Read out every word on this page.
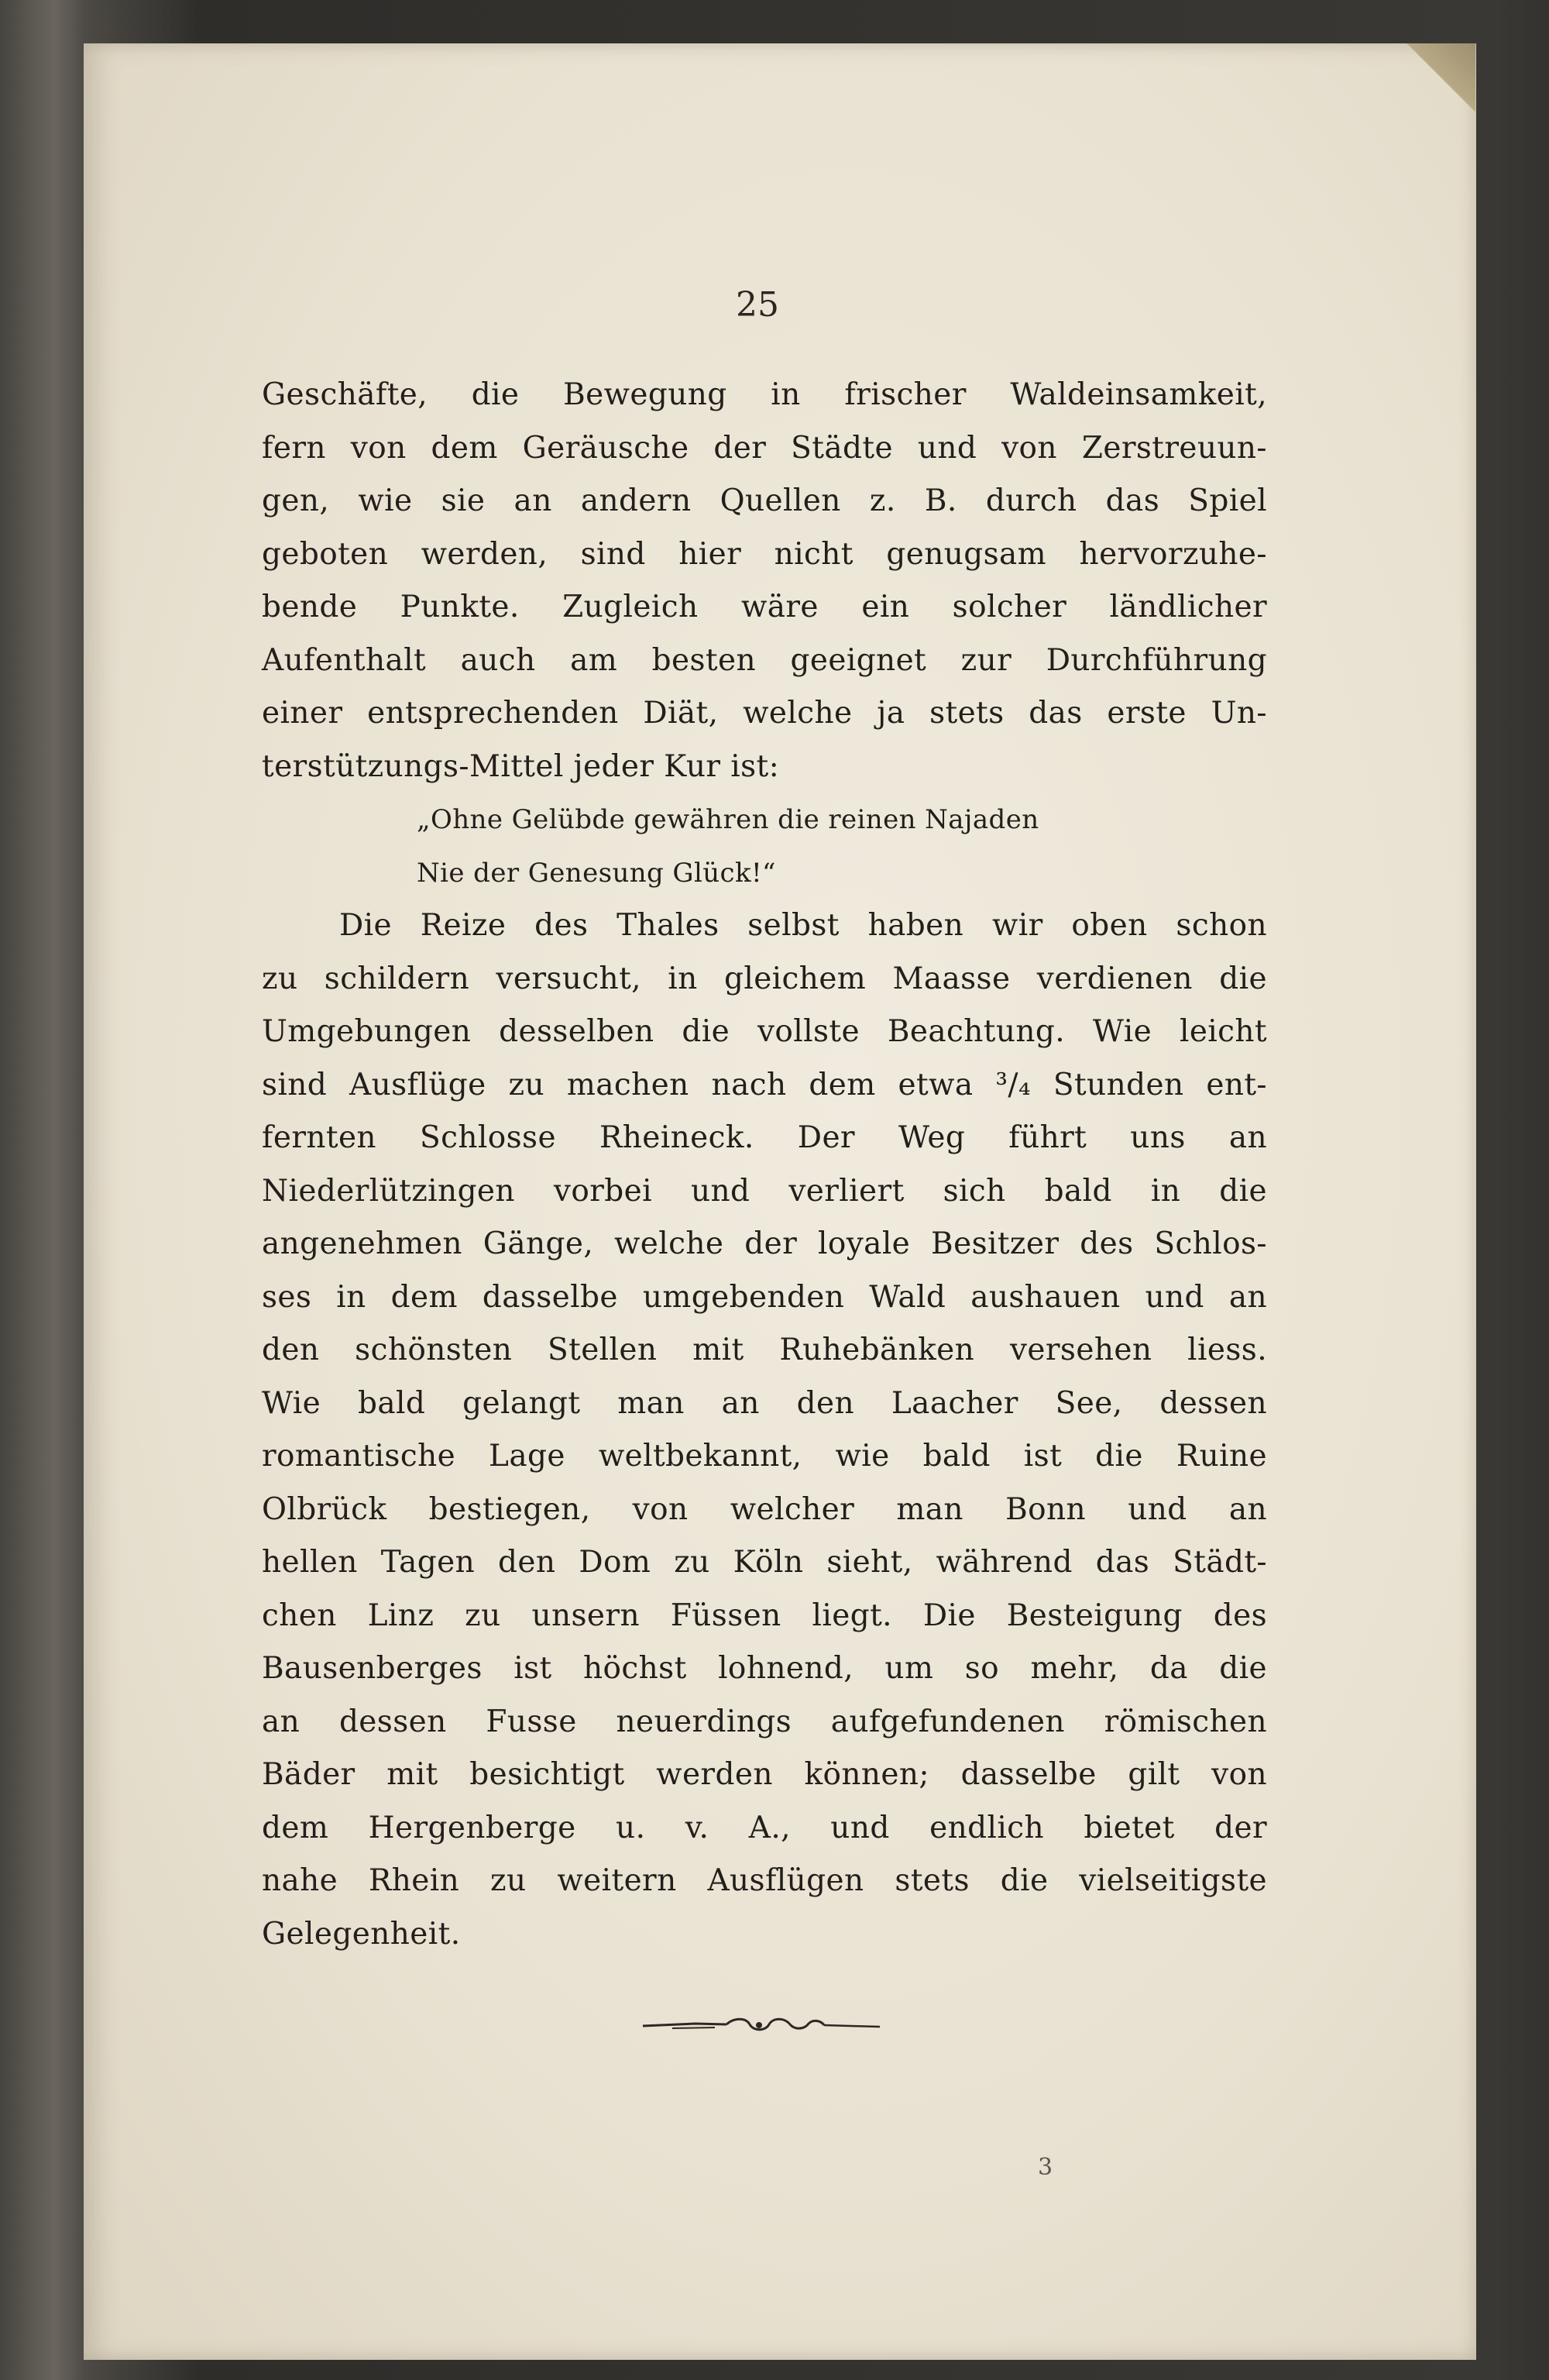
25
Geschäfte, die Bewegung in frischer Waldeinsamkeit,
fern von dem Geräusche der Städte und von Zerstreuun-
gen, wie sie an andern Quellen z. B. durch das Spiel
geboten werden, sind hier nicht genugsam hervorzuhe-
bende Punkte. Zugleich wäre ein solcher ländlicher
Aufenthalt auch am besten geeignet zur Durchführung
einer entsprechenden Diät, welche ja stets das erste Un-
terstützungs-Mittel jeder Kur ist:
„Ohne Gelübde gewähren die reinen Najaden
Nie der Genesung Glück!“
Die Reize des Thales selbst haben wir oben schon
zu schildern versucht, in gleichem Maasse verdienen die
Umgebungen desselben die vollste Beachtung. Wie leicht
sind Ausflüge zu machen nach dem etwa ³/₄ Stunden ent-
fernten Schlosse Rheineck. Der Weg führt uns an
Niederlützingen vorbei und verliert sich bald in die
angenehmen Gänge, welche der loyale Besitzer des Schlos-
ses in dem dasselbe umgebenden Wald aushauen und an
den schönsten Stellen mit Ruhebänken versehen liess.
Wie bald gelangt man an den Laacher See, dessen
romantische Lage weltbekannt, wie bald ist die Ruine
Olbrück bestiegen, von welcher man Bonn und an
hellen Tagen den Dom zu Köln sieht, während das Städt-
chen Linz zu unsern Füssen liegt. Die Besteigung des
Bausenberges ist höchst lohnend, um so mehr, da die
an dessen Fusse neuerdings aufgefundenen römischen
Bäder mit besichtigt werden können; dasselbe gilt von
dem Hergenberge u. v. A., und endlich bietet der
nahe Rhein zu weitern Ausflügen stets die vielseitigste
Gelegenheit.
3
